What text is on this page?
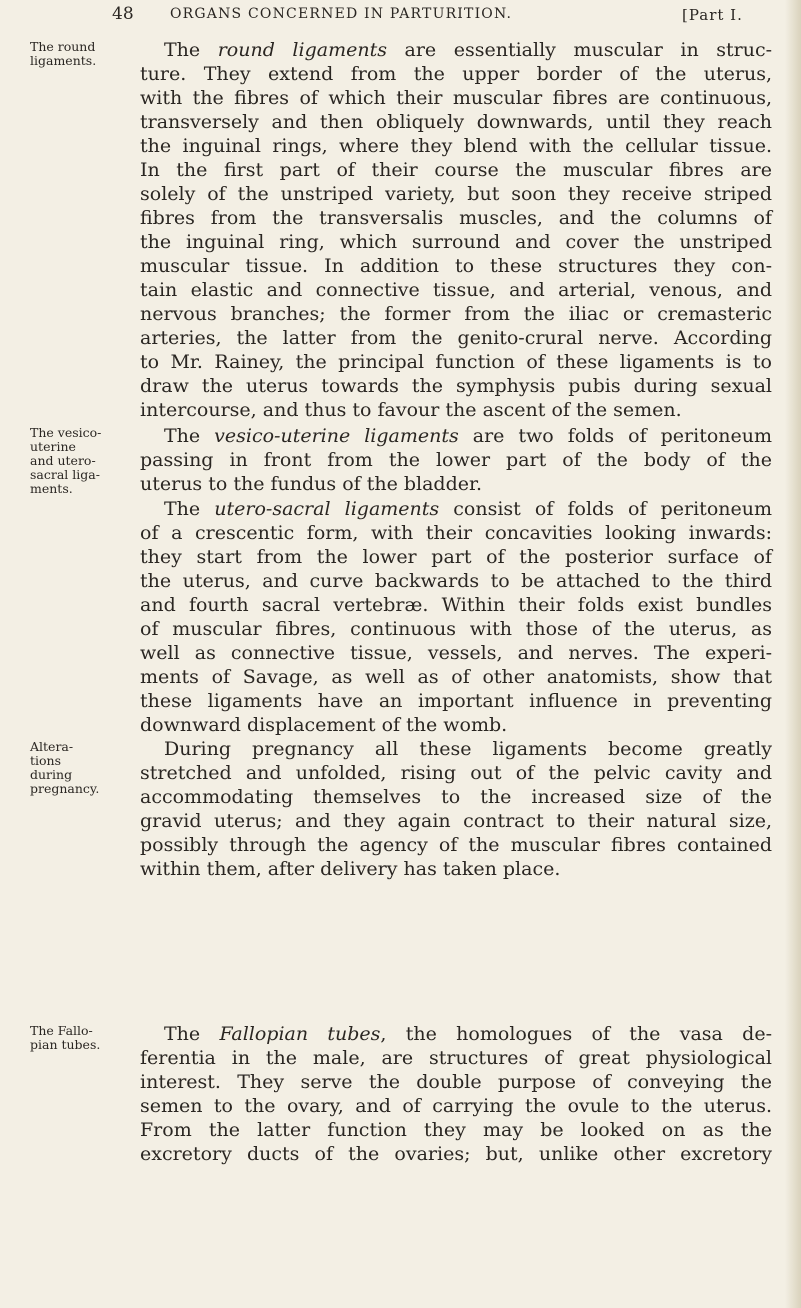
48	ORGANS CONCERNED IN PARTURITION.	[Part I.
The round
ligaments.
The vesico-
uterine
and utero-
sacral liga-
ments.
Altera-
tions
during
pregnancy.
The Fallo-
pian tubes.
The round ligaments are essentially muscular in struc-
ture. They extend from the upper border of the uterus,
with the fibres of which their muscular fibres are continuous,
transversely and then obliquely downwards, until they reach
the inguinal rings, where they blend with the cellular tissue.
In the first part of their course the muscular fibres are
solely of the unstriped variety, but soon they receive striped
fibres from the transversalis muscles, and the columns of
the inguinal ring, which surround and cover the unstriped
muscular tissue. In addition to these structures they con-
tain elastic and connective tissue, and arterial, venous, and
nervous branches; the former from the iliac or cremasteric
arteries, the latter from the genito-crural nerve. According
to Mr. Rainey, the principal function of these ligaments is to
draw the uterus towards the symphysis pubis during sexual
intercourse, and thus to favour the ascent of the semen.
The vesico-uterine ligaments are two folds of peritoneum
passing in front from the lower part of the body of the
uterus to the fundus of the bladder.
The utero-sacral ligaments consist of folds of peritoneum
of a crescentic form, with their concavities looking inwards:
they start from the lower part of the posterior surface of
the uterus, and curve backwards to be attached to the third
and fourth sacral vertebræ. Within their folds exist bundles
of muscular fibres, continuous with those of the uterus, as
well as connective tissue, vessels, and nerves. The experi-
ments of Savage, as well as of other anatomists, show that
these ligaments have an important influence in preventing
downward displacement of the womb.
During pregnancy all these ligaments become greatly
stretched and unfolded, rising out of the pelvic cavity and
accommodating themselves to the increased size of the
gravid uterus; and they again contract to their natural size,
possibly through the agency of the muscular fibres contained
within them, after delivery has taken place.
The Fallopian tubes, the homologues of the vasa de-
ferentia in the male, are structures of great physiological
interest. They serve the double purpose of conveying the
semen to the ovary, and of carrying the ovule to the uterus.
From the latter function they may be looked on as the
excretory ducts of the ovaries; but, unlike other excretory
